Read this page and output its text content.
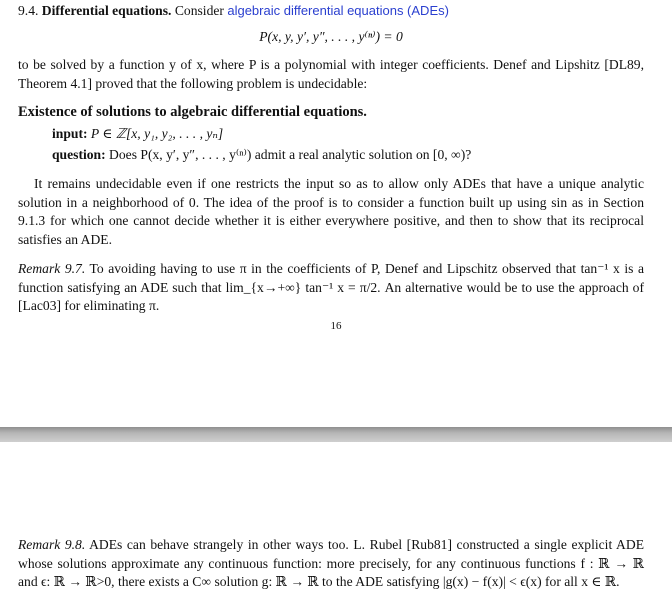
9.4. Differential equations. Consider algebraic differential equations (ADEs)
P(x, y, y′, y″, . . . , y⁽ⁿ⁾) = 0
to be solved by a function y of x, where P is a polynomial with integer coefficients. Denef and Lipshitz [DL89, Theorem 4.1] proved that the following problem is undecidable:
Existence of solutions to algebraic differential equations.
input: P ∈ ℤ[x, y₁, y₂, . . . , yₙ]
question: Does P(x, y′, y″, . . . , y⁽ⁿ⁾) admit a real analytic solution on [0, ∞)?
It remains undecidable even if one restricts the input so as to allow only ADEs that have a unique analytic solution in a neighborhood of 0. The idea of the proof is to consider a function built up using sin as in Section 9.1.3 for which one cannot decide whether it is either everywhere positive, and then to show that its reciprocal satisfies an ADE.
Remark 9.7. To avoiding having to use π in the coefficients of P, Denef and Lipschitz observed that tan⁻¹ x is a function satisfying an ADE such that lim_{x→+∞} tan⁻¹ x = π/2. An alternative would be to use the approach of [Lac03] for eliminating π.
16
Remark 9.8. ADEs can behave strangely in other ways too. L. Rubel [Rub81] constructed a single explicit ADE whose solutions approximate any continuous function: more precisely, for any continuous functions f : ℝ → ℝ and ϵ: ℝ → ℝ>0, there exists a C∞ solution g: ℝ → ℝ to the ADE satisfying |g(x) − f(x)| < ϵ(x) for all x ∈ ℝ.
